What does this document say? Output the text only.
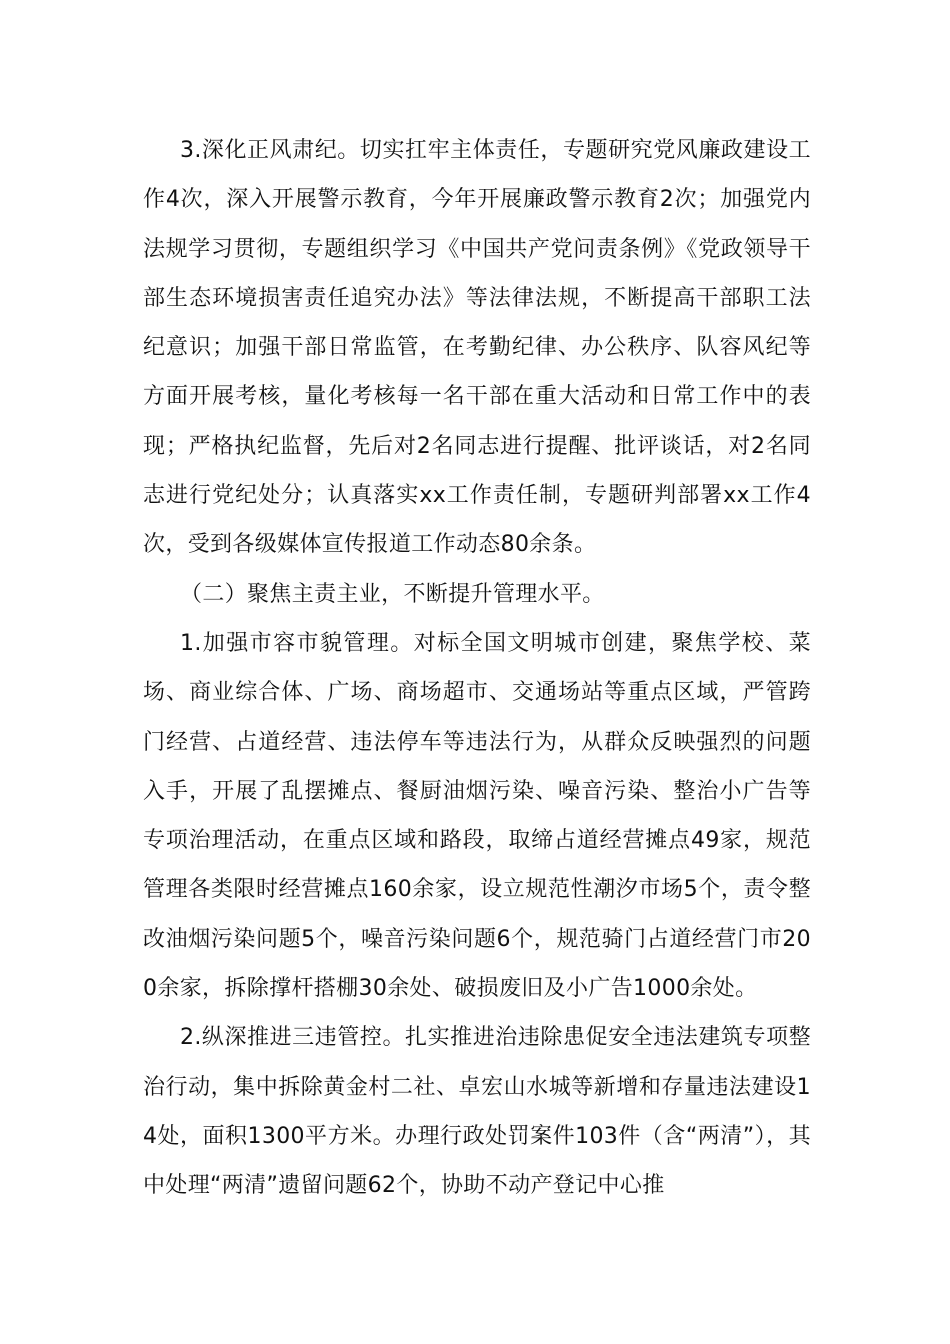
3.深化正风肃纪。切实扛牢主体责任，专题研究党风廉政建设工作4次，深入开展警示教育，今年开展廉政警示教育2次；加强党内法规学习贯彻，专题组织学习《中国共产党问责条例》《党政领导干部生态环境损害责任追究办法》等法律法规，不断提高干部职工法纪意识；加强干部日常监管，在考勤纪律、办公秩序、队容风纪等方面开展考核，量化考核每一名干部在重大活动和日常工作中的表现；严格执纪监督，先后对2名同志进行提醒、批评谈话，对2名同志进行党纪处分；认真落实xx工作责任制，专题研判部署xx工作4次，受到各级媒体宣传报道工作动态80余条。

（二）聚焦主责主业，不断提升管理水平。

1.加强市容市貌管理。对标全国文明城市创建，聚焦学校、菜场、商业综合体、广场、商场超市、交通场站等重点区域，严管跨门经营、占道经营、违法停车等违法行为，从群众反映强烈的问题入手，开展了乱摆摊点、餐厨油烟污染、噪音污染、整治小广告等专项治理活动，在重点区域和路段，取缔占道经营摊点49家，规范管理各类限时经营摊点160余家，设立规范性潮汐市场5个，责令整改油烟污染问题5个，噪音污染问题6个，规范骑门占道经营门市200余家，拆除撑杆搭棚30余处、破损废旧及小广告1000余处。

2.纵深推进三违管控。扎实推进治违除患促安全违法建筑专项整治行动，集中拆除黄金村二社、卓宏山水城等新增和存量违法建设14处，面积1300平方米。办理行政处罚案件103件（含“两清”），其中处理“两清”遗留问题62个，协助不动产登记中心推
